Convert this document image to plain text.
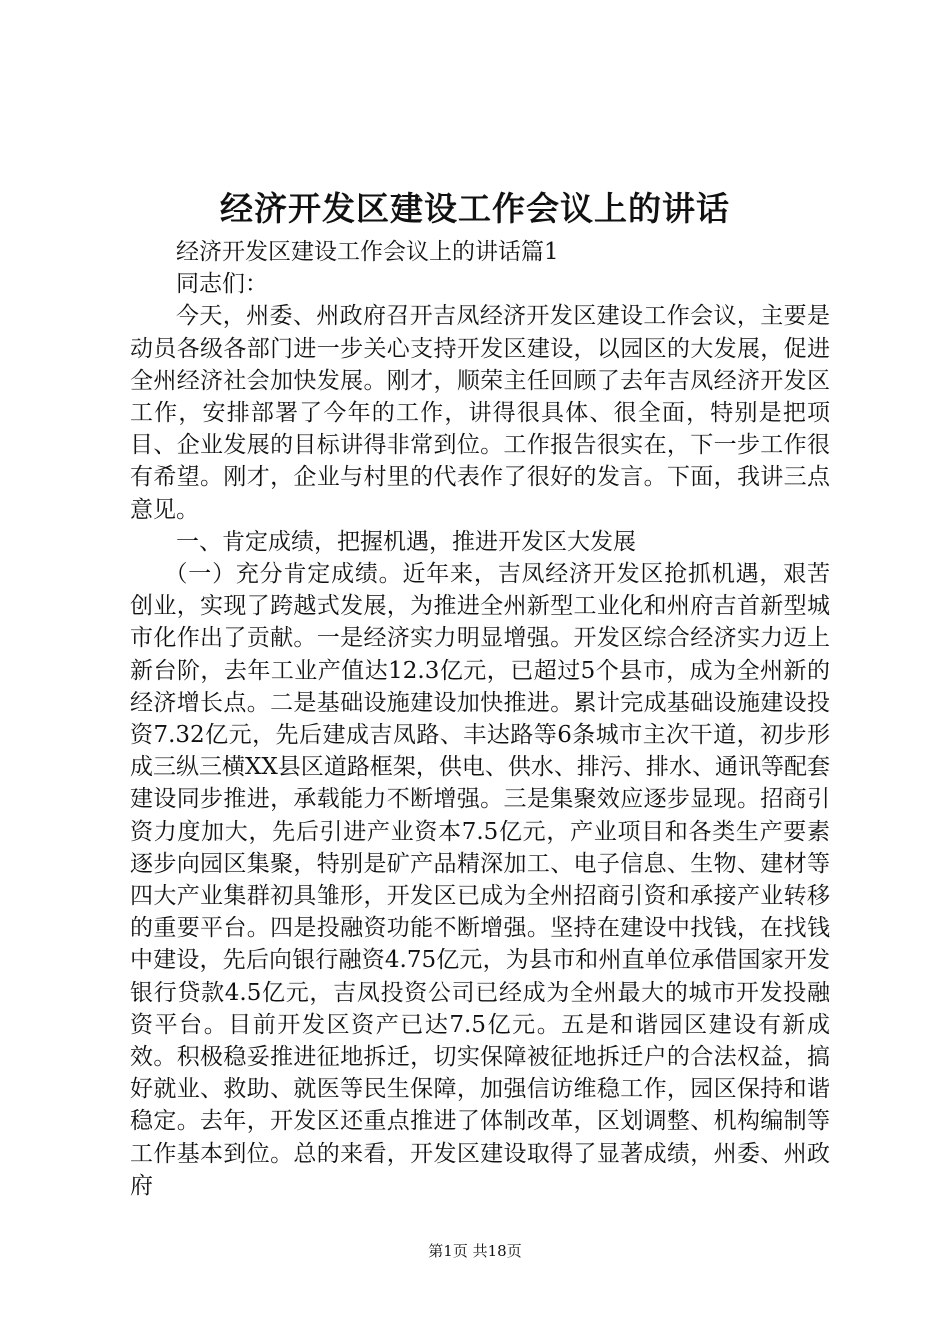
经济开发区建设工作会议上的讲话

经济开发区建设工作会议上的讲话篇1

同志们：

今天，州委、州政府召开吉凤经济开发区建设工作会议，主要是动员各级各部门进一步关心支持开发区建设，以园区的大发展，促进全州经济社会加快发展。刚才，顺荣主任回顾了去年吉凤经济开发区工作，安排部署了今年的工作，讲得很具体、很全面，特别是把项目、企业发展的目标讲得非常到位。工作报告很实在，下一步工作很有希望。刚才，企业与村里的代表作了很好的发言。下面，我讲三点意见。

一、肯定成绩，把握机遇，推进开发区大发展

（一）充分肯定成绩。近年来，吉凤经济开发区抢抓机遇，艰苦创业，实现了跨越式发展，为推进全州新型工业化和州府吉首新型城市化作出了贡献。一是经济实力明显增强。开发区综合经济实力迈上新台阶，去年工业产值达12.3亿元，已超过5个县市，成为全州新的经济增长点。二是基础设施建设加快推进。累计完成基础设施建设投资7.32亿元，先后建成吉凤路、丰达路等6条城市主次干道，初步形成三纵三横XX县区道路框架，供电、供水、排污、排水、通讯等配套建设同步推进，承载能力不断增强。三是集聚效应逐步显现。招商引资力度加大，先后引进产业资本7.5亿元，产业项目和各类生产要素逐步向园区集聚，特别是矿产品精深加工、电子信息、生物、建材等四大产业集群初具雏形，开发区已成为全州招商引资和承接产业转移的重要平台。四是投融资功能不断增强。坚持在建设中找钱，在找钱中建设，先后向银行融资4.75亿元，为县市和州直单位承借国家开发银行贷款4.5亿元，吉凤投资公司已经成为全州最大的城市开发投融资平台。目前开发区资产已达7.5亿元。五是和谐园区建设有新成效。积极稳妥推进征地拆迁，切实保障被征地拆迁户的合法权益，搞好就业、救助、就医等民生保障，加强信访维稳工作，园区保持和谐稳定。去年，开发区还重点推进了体制改革，区划调整、机构编制等工作基本到位。总的来看，开发区建设取得了显著成绩，州委、州政府

第1页 共18页
